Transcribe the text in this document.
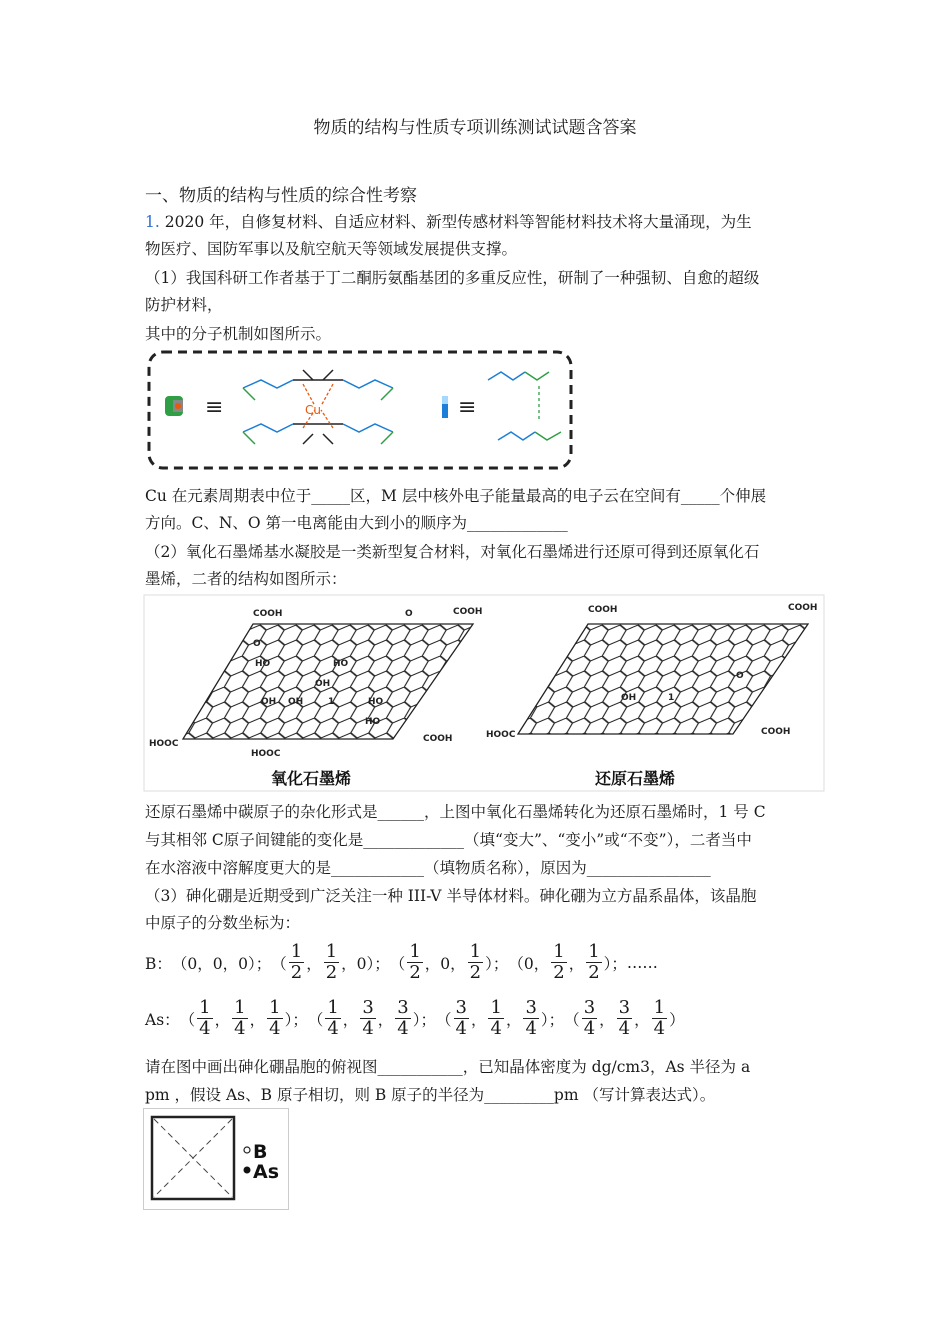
物质的结构与性质专项训练测试试题含答案
一、物质的结构与性质的综合性考察
1. 2020 年，自修复材料、自适应材料、新型传感材料等智能材料技术将大量涌现，为生
物医疗、国防军事以及航空航天等领域发展提供支撑。
（1）我国科研工作者基于丁二酮肟氨酯基团的多重反应性，研制了一种强韧、自愈的超级
防护材料，
其中的分子机制如图所示。
≡	Cu	≡
Cu 在元素周期表中位于_____区，M 层中核外电子能量最高的电子云在空间有_____个伸展
方向。C、N、O 第一电离能由大到小的顺序为_____________
（2）氧化石墨烯基水凝胶是一类新型复合材料，对氧化石墨烯进行还原可得到还原氧化石
墨烯，二者的结构如图所示：
COOH	COOH
HOOC
HOOC
COOH
HO	HO
OH
OH OH	HO
HO
1
O
O
COOH	COOH
HOOC	COOH
OH	1
O
氧化石墨烯	还原石墨烯
还原石墨烯中碳原子的杂化形式是______，上图中氧化石墨烯转化为还原石墨烯时，1 号 C
与其相邻 C原子间键能的变化是_____________（填“变大”、“变小”或“不变”），二者当中
在水溶液中溶解度更大的是____________（填物质名称），原因为________________
（3）砷化硼是近期受到广泛关注一种 III-V 半导体材料。砷化硼为立方晶系晶体，该晶胞
中原子的分数坐标为：
B： （0，0，0）； （ $\frac{1}{2}$ ， $\frac{1}{2}$ ，0）； （ $\frac{1}{2}$ ，0， $\frac{1}{2}$ ）； （0， $\frac{1}{2}$ ， $\frac{1}{2}$ ）； ……
As： （ $\frac{1}{4}$ ， $\frac{1}{4}$ ， $\frac{1}{4}$ ）； （ $\frac{1}{4}$ ， $\frac{3}{4}$ ， $\frac{3}{4}$ ）； （ $\frac{3}{4}$ ， $\frac{1}{4}$ ， $\frac{3}{4}$ ）； （ $\frac{3}{4}$ ， $\frac{3}{4}$ ， $\frac{1}{4}$ ）
请在图中画出砷化硼晶胞的俯视图___________，已知晶体密度为 dg/cm3，As 半径为 a
pm ，假设 As、B 原子相切，则 B 原子的半径为_________pm （写计算表达式）。
B
As
